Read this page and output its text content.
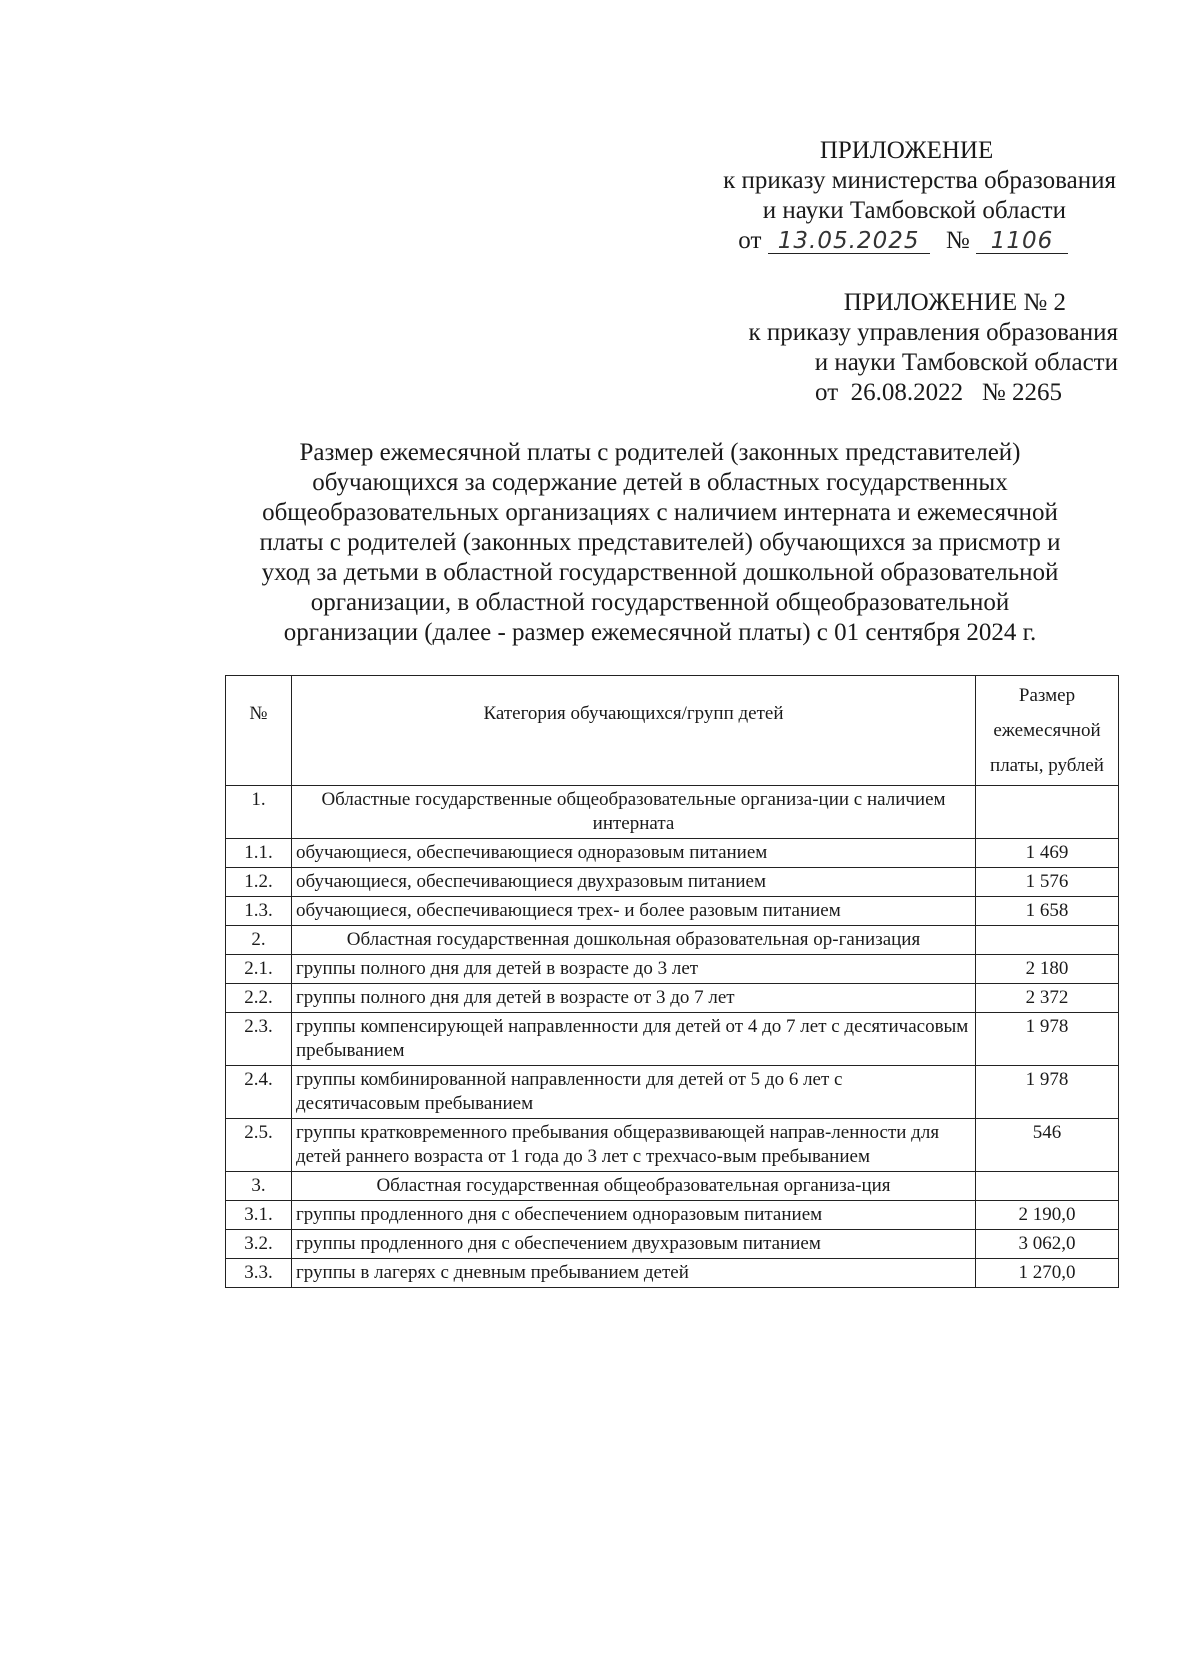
ПРИЛОЖЕНИЕ
к приказу министерства образования
и науки Тамбовской области
от 13.05.2025 № 1106
ПРИЛОЖЕНИЕ № 2
к приказу управления образования
и науки Тамбовской области
от  26.08.2022   № 2265
Размер ежемесячной платы с родителей (законных представителей)
обучающихся за содержание детей в областных государственных
общеобразовательных организациях с наличием интерната и ежемесячной
платы с родителей (законных представителей) обучающихся за присмотр и
уход за детьми в областной государственной дошкольной образовательной
организации, в областной государственной общеобразовательной
организации (далее - размер ежемесячной платы) с 01 сентября 2024 г.
№	Категория обучающихся/групп детей	Размер ежемесячной платы, рублей
1.	Областные государственные общеобразовательные организа-ции с наличием интерната	
1.1.	обучающиеся, обеспечивающиеся одноразовым питанием	1 469
1.2.	обучающиеся, обеспечивающиеся двухразовым питанием	1 576
1.3.	обучающиеся, обеспечивающиеся трех- и более разовым питанием	1 658
2.	Областная государственная дошкольная образовательная ор-ганизация	
2.1.	группы полного дня для детей в возрасте до 3 лет	2 180
2.2.	группы полного дня для детей в возрасте от 3 до 7 лет	2 372
2.3.	группы компенсирующей направленности для детей от 4 до 7 лет с десятичасовым пребыванием	1 978
2.4.	группы комбинированной направленности для детей от 5 до 6 лет с десятичасовым пребыванием	1 978
2.5.	группы кратковременного пребывания общеразвивающей направ-ленности для детей раннего возраста от 1 года до 3 лет с трехчасо-вым пребыванием	546
3.	Областная государственная общеобразовательная организа-ция	
3.1.	группы продленного дня с обеспечением одноразовым питанием	2 190,0
3.2.	группы продленного дня с обеспечением двухразовым питанием	3 062,0
3.3.	группы в лагерях с дневным пребыванием детей	1 270,0
